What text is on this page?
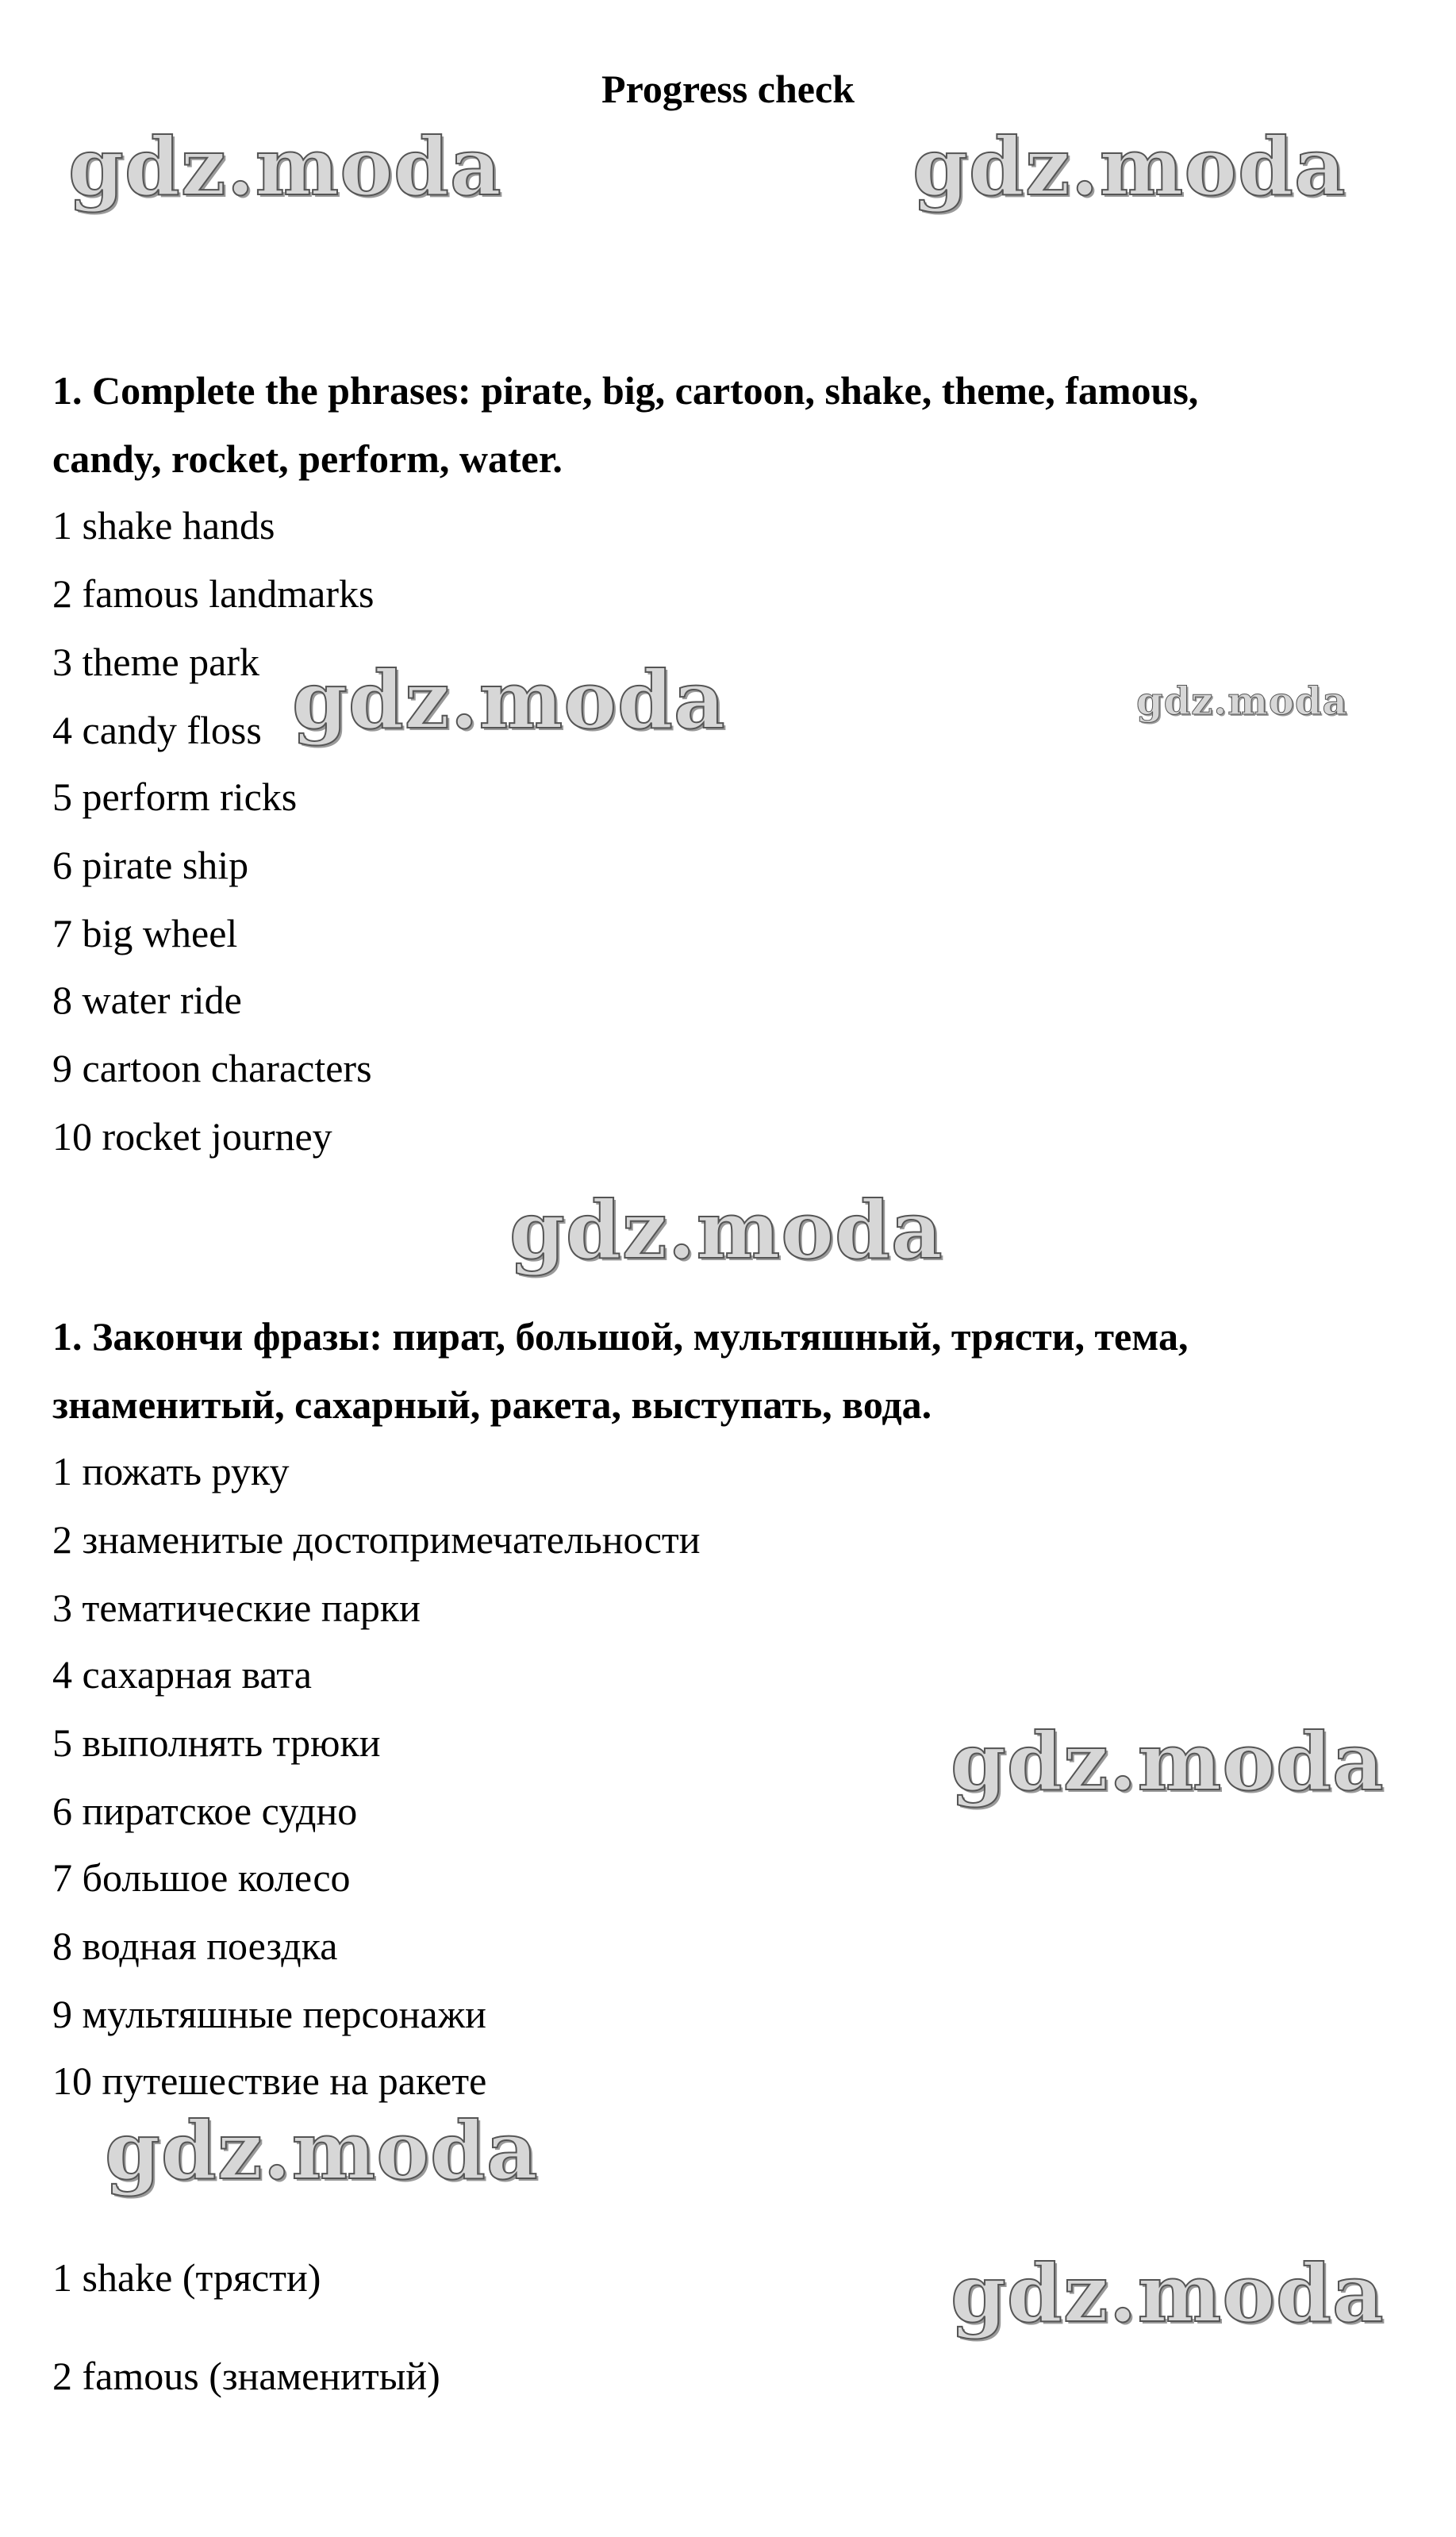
Progress check
gdz.moda	gdz.moda
gdz.moda	gdz.moda
gdz.moda
gdz.moda
gdz.moda
gdz.moda
1. Complete the phrases: pirate, big, cartoon, shake, theme, famous,
candy, rocket, perform, water.
1 shake hands
2 famous landmarks
3 theme park
4 candy floss
5 perform ricks
6 pirate ship
7 big wheel
8 water ride
9 cartoon characters
10 rocket journey
1. Закончи фразы: пират, большой, мультяшный, трясти, тема,
знаменитый, сахарный, ракета, выступать, вода.
1 пожать руку
2 знаменитые достопримечательности
3 тематические парки
4 сахарная вата
5 выполнять трюки
6 пиратское судно
7 большое колесо
8 водная поездка
9 мультяшные персонажи
10 путешествие на ракете
1 shake (трясти)
2 famous (знаменитый)
